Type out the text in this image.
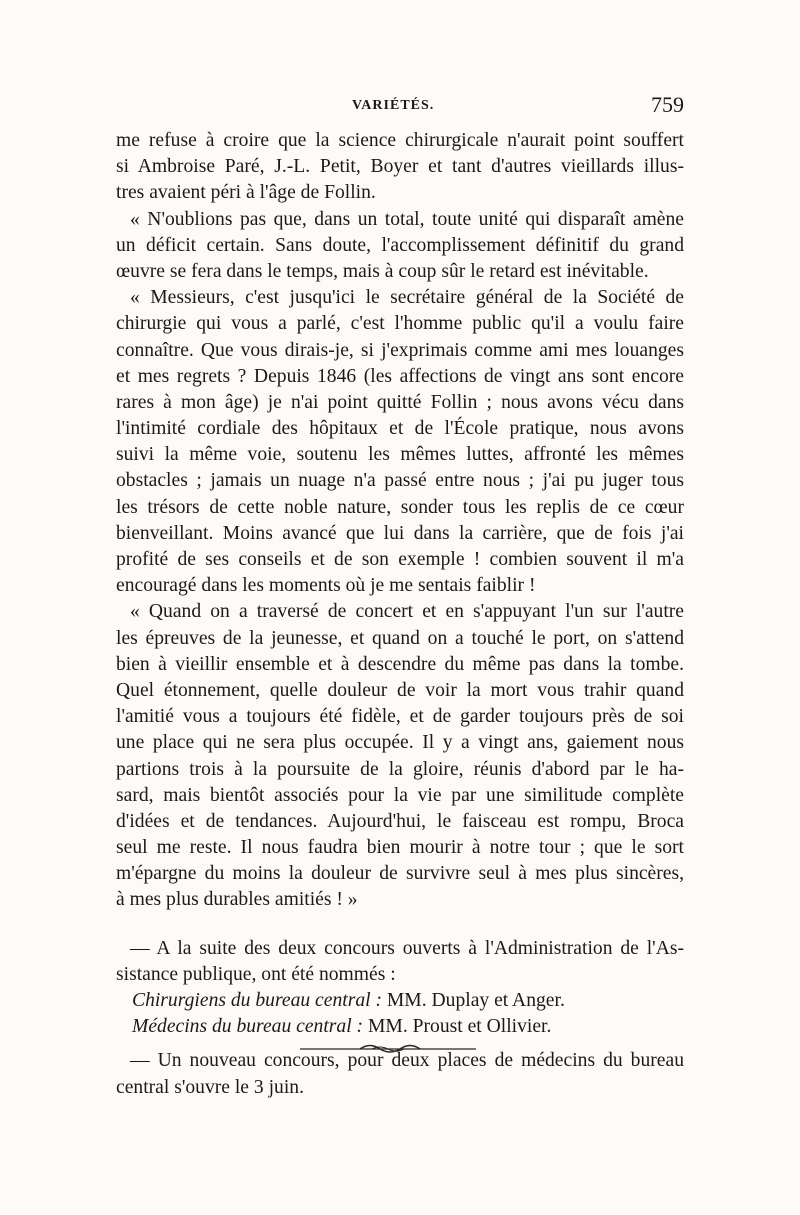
VARIÉTÉS.	759
me refuse à croire que la science chirurgicale n'aurait point souffert
si Ambroise Paré, J.-L. Petit, Boyer et tant d'autres vieillards illus-
tres avaient péri à l'âge de Follin.
« N'oublions pas que, dans un total, toute unité qui disparaît amène
un déficit certain. Sans doute, l'accomplissement définitif du grand
œuvre se fera dans le temps, mais à coup sûr le retard est inévitable.
« Messieurs, c'est jusqu'ici le secrétaire général de la Société de
chirurgie qui vous a parlé, c'est l'homme public qu'il a voulu faire
connaître. Que vous dirais-je, si j'exprimais comme ami mes louanges
et mes regrets ? Depuis 1846 (les affections de vingt ans sont encore
rares à mon âge) je n'ai point quitté Follin ; nous avons vécu dans
l'intimité cordiale des hôpitaux et de l'École pratique, nous avons
suivi la même voie, soutenu les mêmes luttes, affronté les mêmes
obstacles ; jamais un nuage n'a passé entre nous ; j'ai pu juger tous
les trésors de cette noble nature, sonder tous les replis de ce cœur
bienveillant. Moins avancé que lui dans la carrière, que de fois j'ai
profité de ses conseils et de son exemple ! combien souvent il m'a
encouragé dans les moments où je me sentais faiblir !
« Quand on a traversé de concert et en s'appuyant l'un sur l'autre
les épreuves de la jeunesse, et quand on a touché le port, on s'attend
bien à vieillir ensemble et à descendre du même pas dans la tombe.
Quel étonnement, quelle douleur de voir la mort vous trahir quand
l'amitié vous a toujours été fidèle, et de garder toujours près de soi
une place qui ne sera plus occupée. Il y a vingt ans, gaiement nous
partions trois à la poursuite de la gloire, réunis d'abord par le ha-
sard, mais bientôt associés pour la vie par une similitude complète
d'idées et de tendances. Aujourd'hui, le faisceau est rompu, Broca
seul me reste. Il nous faudra bien mourir à notre tour ; que le sort
m'épargne du moins la douleur de survivre seul à mes plus sincères,
à mes plus durables amitiés ! »
— A la suite des deux concours ouverts à l'Administration de l'As-
sistance publique, ont été nommés :
Chirurgiens du bureau central : MM. Duplay et Anger.
Médecins du bureau central : MM. Proust et Ollivier.
— Un nouveau concours, pour deux places de médecins du bureau
central s'ouvre le 3 juin.
